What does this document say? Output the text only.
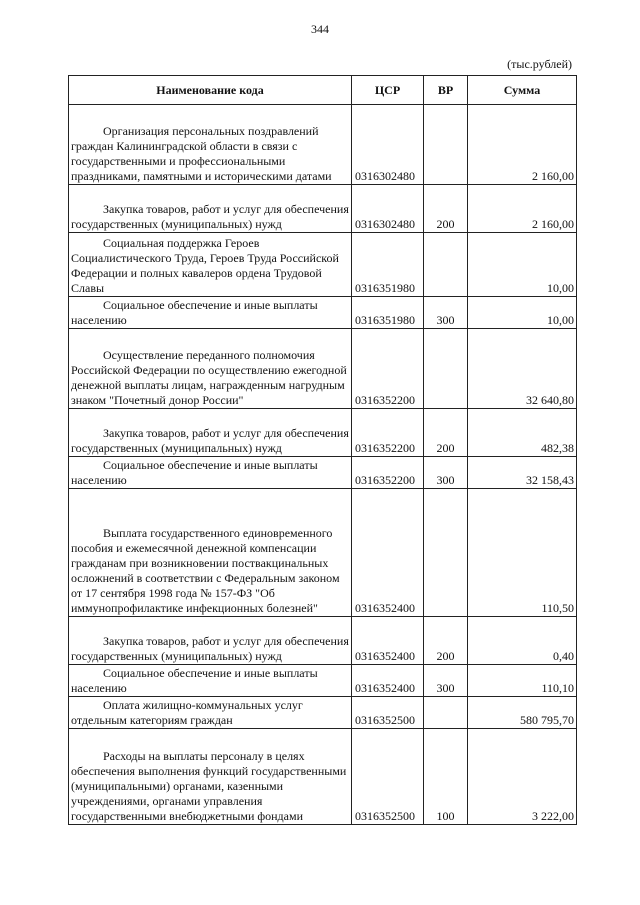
344
(тыс.рублей)
Наименование кода	ЦСР	ВР	Сумма
Организация персональных поздравлений граждан Калининградской области в связи с государственными и профессиональными праздниками, памятными и историческими датами	0316302480		2 160,00
Закупка товаров, работ и услуг для обеспечения государственных (муниципальных) нужд	0316302480	200	2 160,00
Социальная поддержка Героев Социалистического Труда, Героев Труда Российской Федерации и полных кавалеров ордена Трудовой Славы	0316351980		10,00
Социальное обеспечение и иные выплаты населению	0316351980	300	10,00
Осуществление переданного полномочия Российской Федерации по осуществлению ежегодной денежной выплаты лицам, награжденным нагрудным знаком "Почетный донор России"	0316352200		32 640,80
Закупка товаров, работ и услуг для обеспечения государственных (муниципальных) нужд	0316352200	200	482,38
Социальное обеспечение и иные выплаты населению	0316352200	300	32 158,43
Выплата государственного единовременного пособия и ежемесячной денежной компенсации гражданам при возникновении поствакцинальных осложнений в соответствии с Федеральным законом от 17 сентября 1998 года № 157-ФЗ "Об иммунопрофилактике инфекционных болезней"	0316352400		110,50
Закупка товаров, работ и услуг для обеспечения государственных (муниципальных) нужд	0316352400	200	0,40
Социальное обеспечение и иные выплаты населению	0316352400	300	110,10
Оплата жилищно-коммунальных услуг отдельным категориям граждан	0316352500		580 795,70
Расходы на выплаты персоналу в целях обеспечения выполнения функций государственными (муниципальными) органами, казенными учреждениями, органами управления государственными внебюджетными фондами	0316352500	100	3 222,00
